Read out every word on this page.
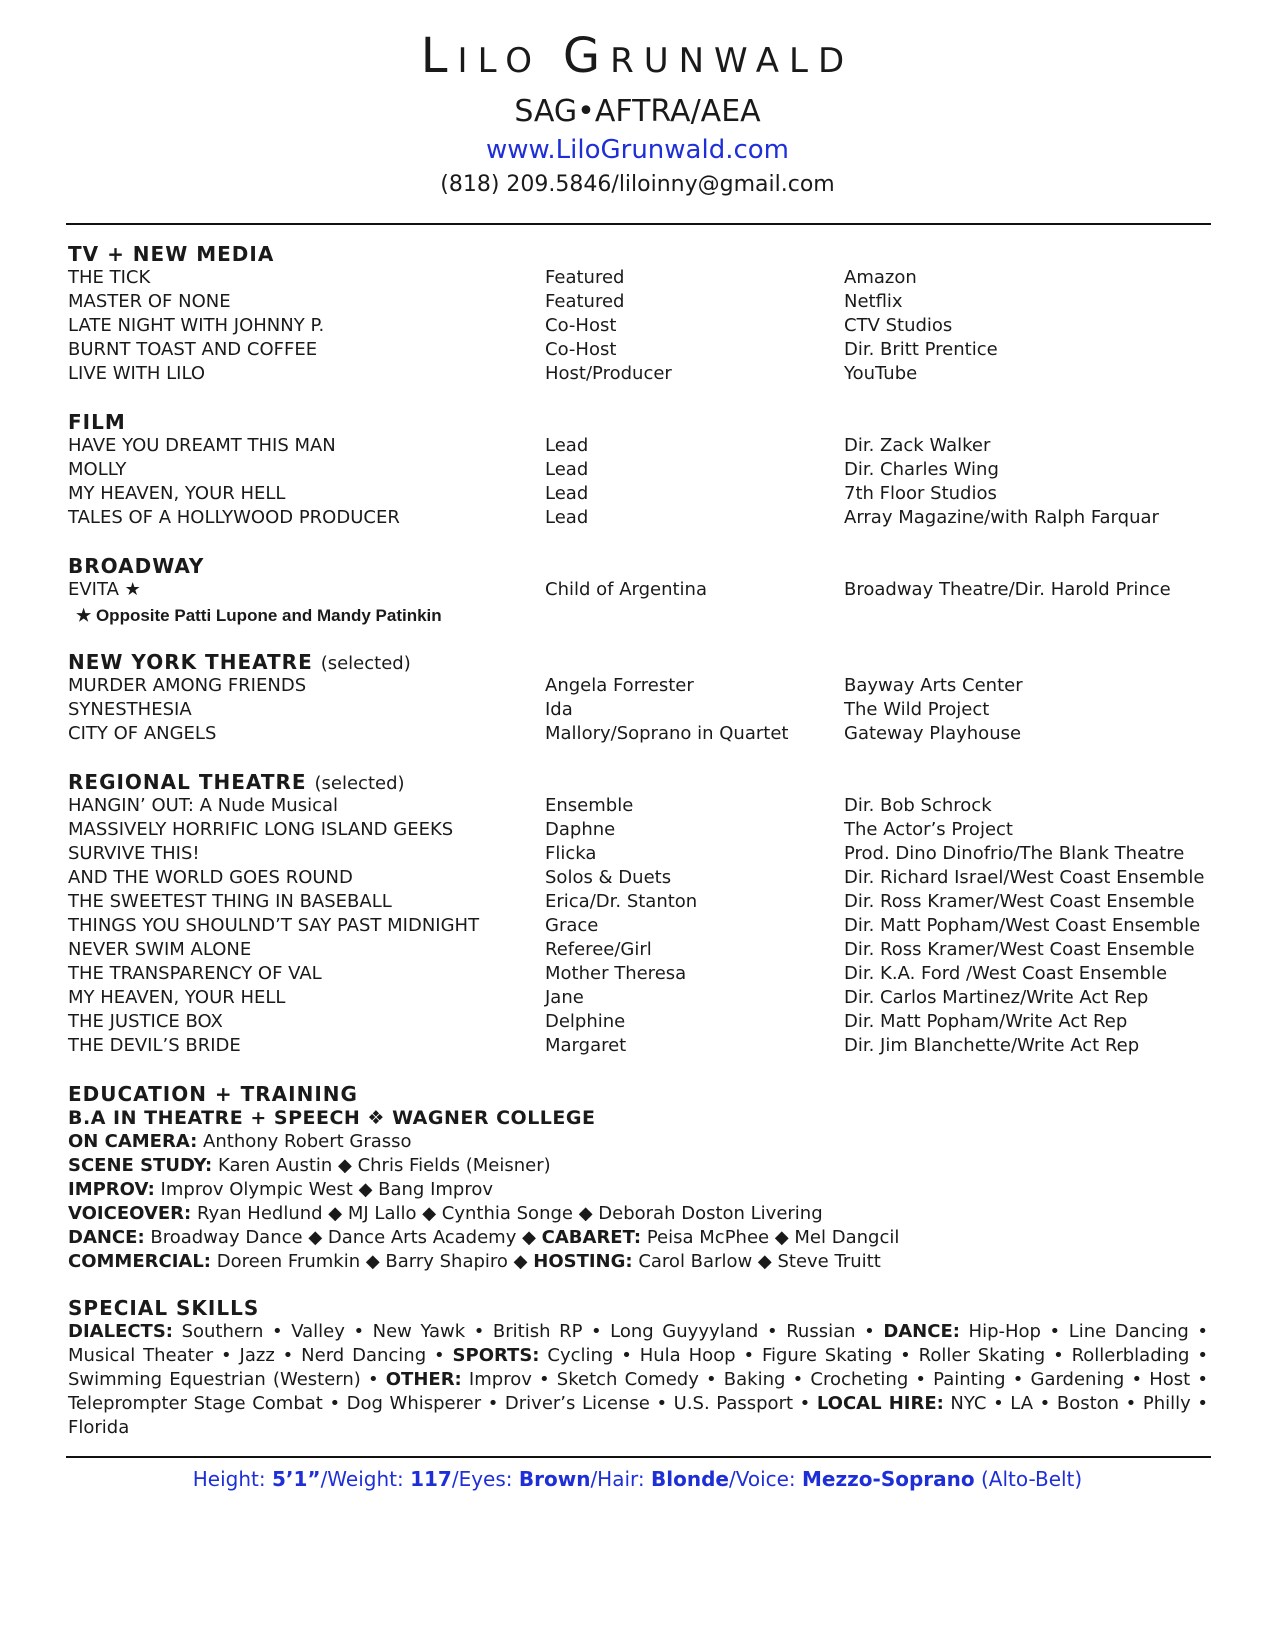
LILO GRUNWALD
SAG•AFTRA/AEA
www.LiloGrunwald.com
(818) 209.5846/liloinny@gmail.com
TV + NEW MEDIA
THE TICK	Featured	Amazon
MASTER OF NONE	Featured	Netflix
LATE NIGHT WITH JOHNNY P.	Co-Host	CTV Studios
BURNT TOAST AND COFFEE	Co-Host	Dir. Britt Prentice
LIVE WITH LILO	Host/Producer	YouTube
FILM
HAVE YOU DREAMT THIS MAN	Lead	Dir. Zack Walker
MOLLY	Lead	Dir. Charles Wing
MY HEAVEN, YOUR HELL	Lead	7th Floor Studios
TALES OF A HOLLYWOOD PRODUCER	Lead	Array Magazine/with Ralph Farquar
BROADWAY
EVITA ★	Child of Argentina	Broadway Theatre/Dir. Harold Prince
★ Opposite Patti Lupone and Mandy Patinkin
NEW YORK THEATRE (selected)
MURDER AMONG FRIENDS	Angela Forrester	Bayway Arts Center
SYNESTHESIA	Ida	The Wild Project
CITY OF ANGELS	Mallory/Soprano in Quartet	Gateway Playhouse
REGIONAL THEATRE (selected)
HANGIN’ OUT: A Nude Musical	Ensemble	Dir. Bob Schrock
MASSIVELY HORRIFIC LONG ISLAND GEEKS	Daphne	The Actor’s Project
SURVIVE THIS!	Flicka	Prod. Dino Dinofrio/The Blank Theatre
AND THE WORLD GOES ROUND	Solos & Duets	Dir. Richard Israel/West Coast Ensemble
THE SWEETEST THING IN BASEBALL	Erica/Dr. Stanton	Dir. Ross Kramer/West Coast Ensemble
THINGS YOU SHOULND’T SAY PAST MIDNIGHT	Grace	Dir. Matt Popham/West Coast Ensemble
NEVER SWIM ALONE	Referee/Girl	Dir. Ross Kramer/West Coast Ensemble
THE TRANSPARENCY OF VAL	Mother Theresa	Dir. K.A. Ford /West Coast Ensemble
MY HEAVEN, YOUR HELL	Jane	Dir. Carlos Martinez/Write Act Rep
THE JUSTICE BOX	Delphine	Dir. Matt Popham/Write Act Rep
THE DEVIL’S BRIDE	Margaret	Dir. Jim Blanchette/Write Act Rep
EDUCATION + TRAINING
B.A IN THEATRE + SPEECH ❖ WAGNER COLLEGE
ON CAMERA: Anthony Robert Grasso
SCENE STUDY: Karen Austin ◆ Chris Fields (Meisner)
IMPROV: Improv Olympic West ◆ Bang Improv
VOICEOVER: Ryan Hedlund ◆ MJ Lallo ◆ Cynthia Songe ◆ Deborah Doston Livering
DANCE: Broadway Dance ◆ Dance Arts Academy ◆ CABARET: Peisa McPhee ◆ Mel Dangcil
COMMERCIAL: Doreen Frumkin ◆ Barry Shapiro ◆ HOSTING: Carol Barlow ◆ Steve Truitt
SPECIAL SKILLS
DIALECTS: Southern • Valley • New Yawk • British RP • Long Guyyyland • Russian • DANCE: Hip-Hop • Line Dancing • Musical Theater • Jazz • Nerd Dancing • SPORTS: Cycling • Hula Hoop • Figure Skating • Roller Skating • Rollerblading • Swimming Equestrian (Western) • OTHER: Improv • Sketch Comedy • Baking • Crocheting • Painting • Gardening • Host • Teleprompter Stage Combat • Dog Whisperer • Driver’s License • U.S. Passport • LOCAL HIRE: NYC • LA • Boston • Philly • Florida
Height: 5’1”/Weight: 117/Eyes: Brown/Hair: Blonde/Voice: Mezzo-Soprano (Alto-Belt)
